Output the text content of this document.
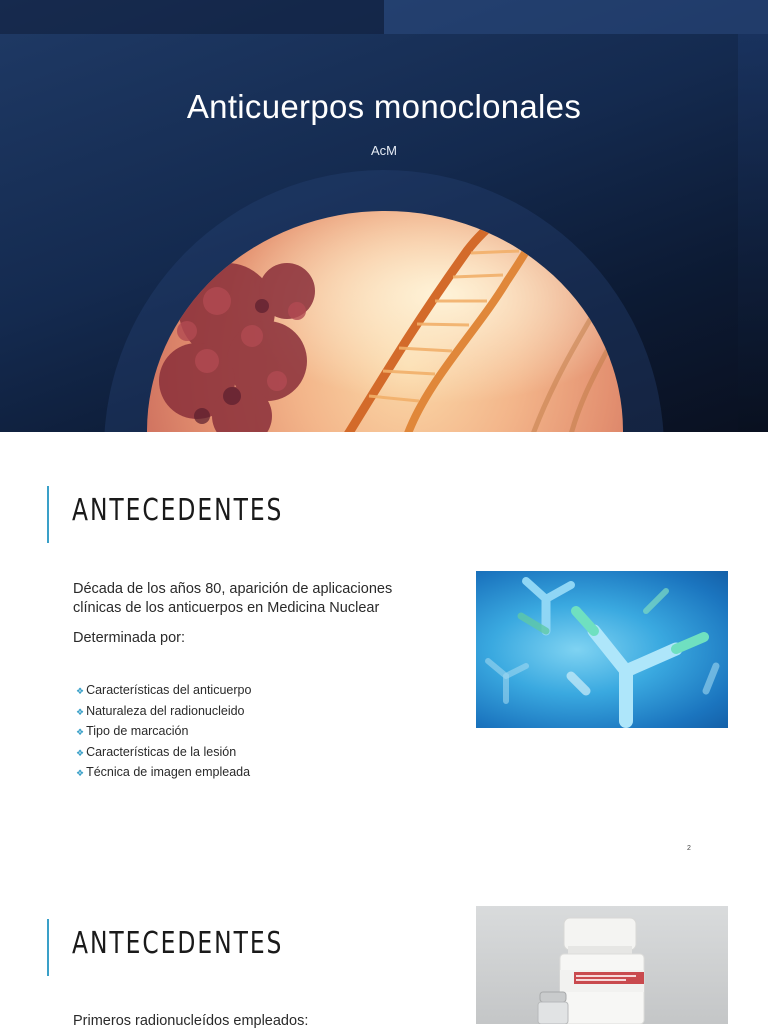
Anticuerpos monoclonales
AcM
ANTECEDENTES
Década de los años 80, aparición de aplicaciones
clínicas de los anticuerpos en Medicina Nuclear
Determinada por:
❖ Características del anticuerpo
❖ Naturaleza del radionucleido
❖ Tipo de marcación
❖ Características de la lesión
❖ Técnica de imagen empleada
2
ANTECEDENTES
Primeros radionucleídos empleados:
